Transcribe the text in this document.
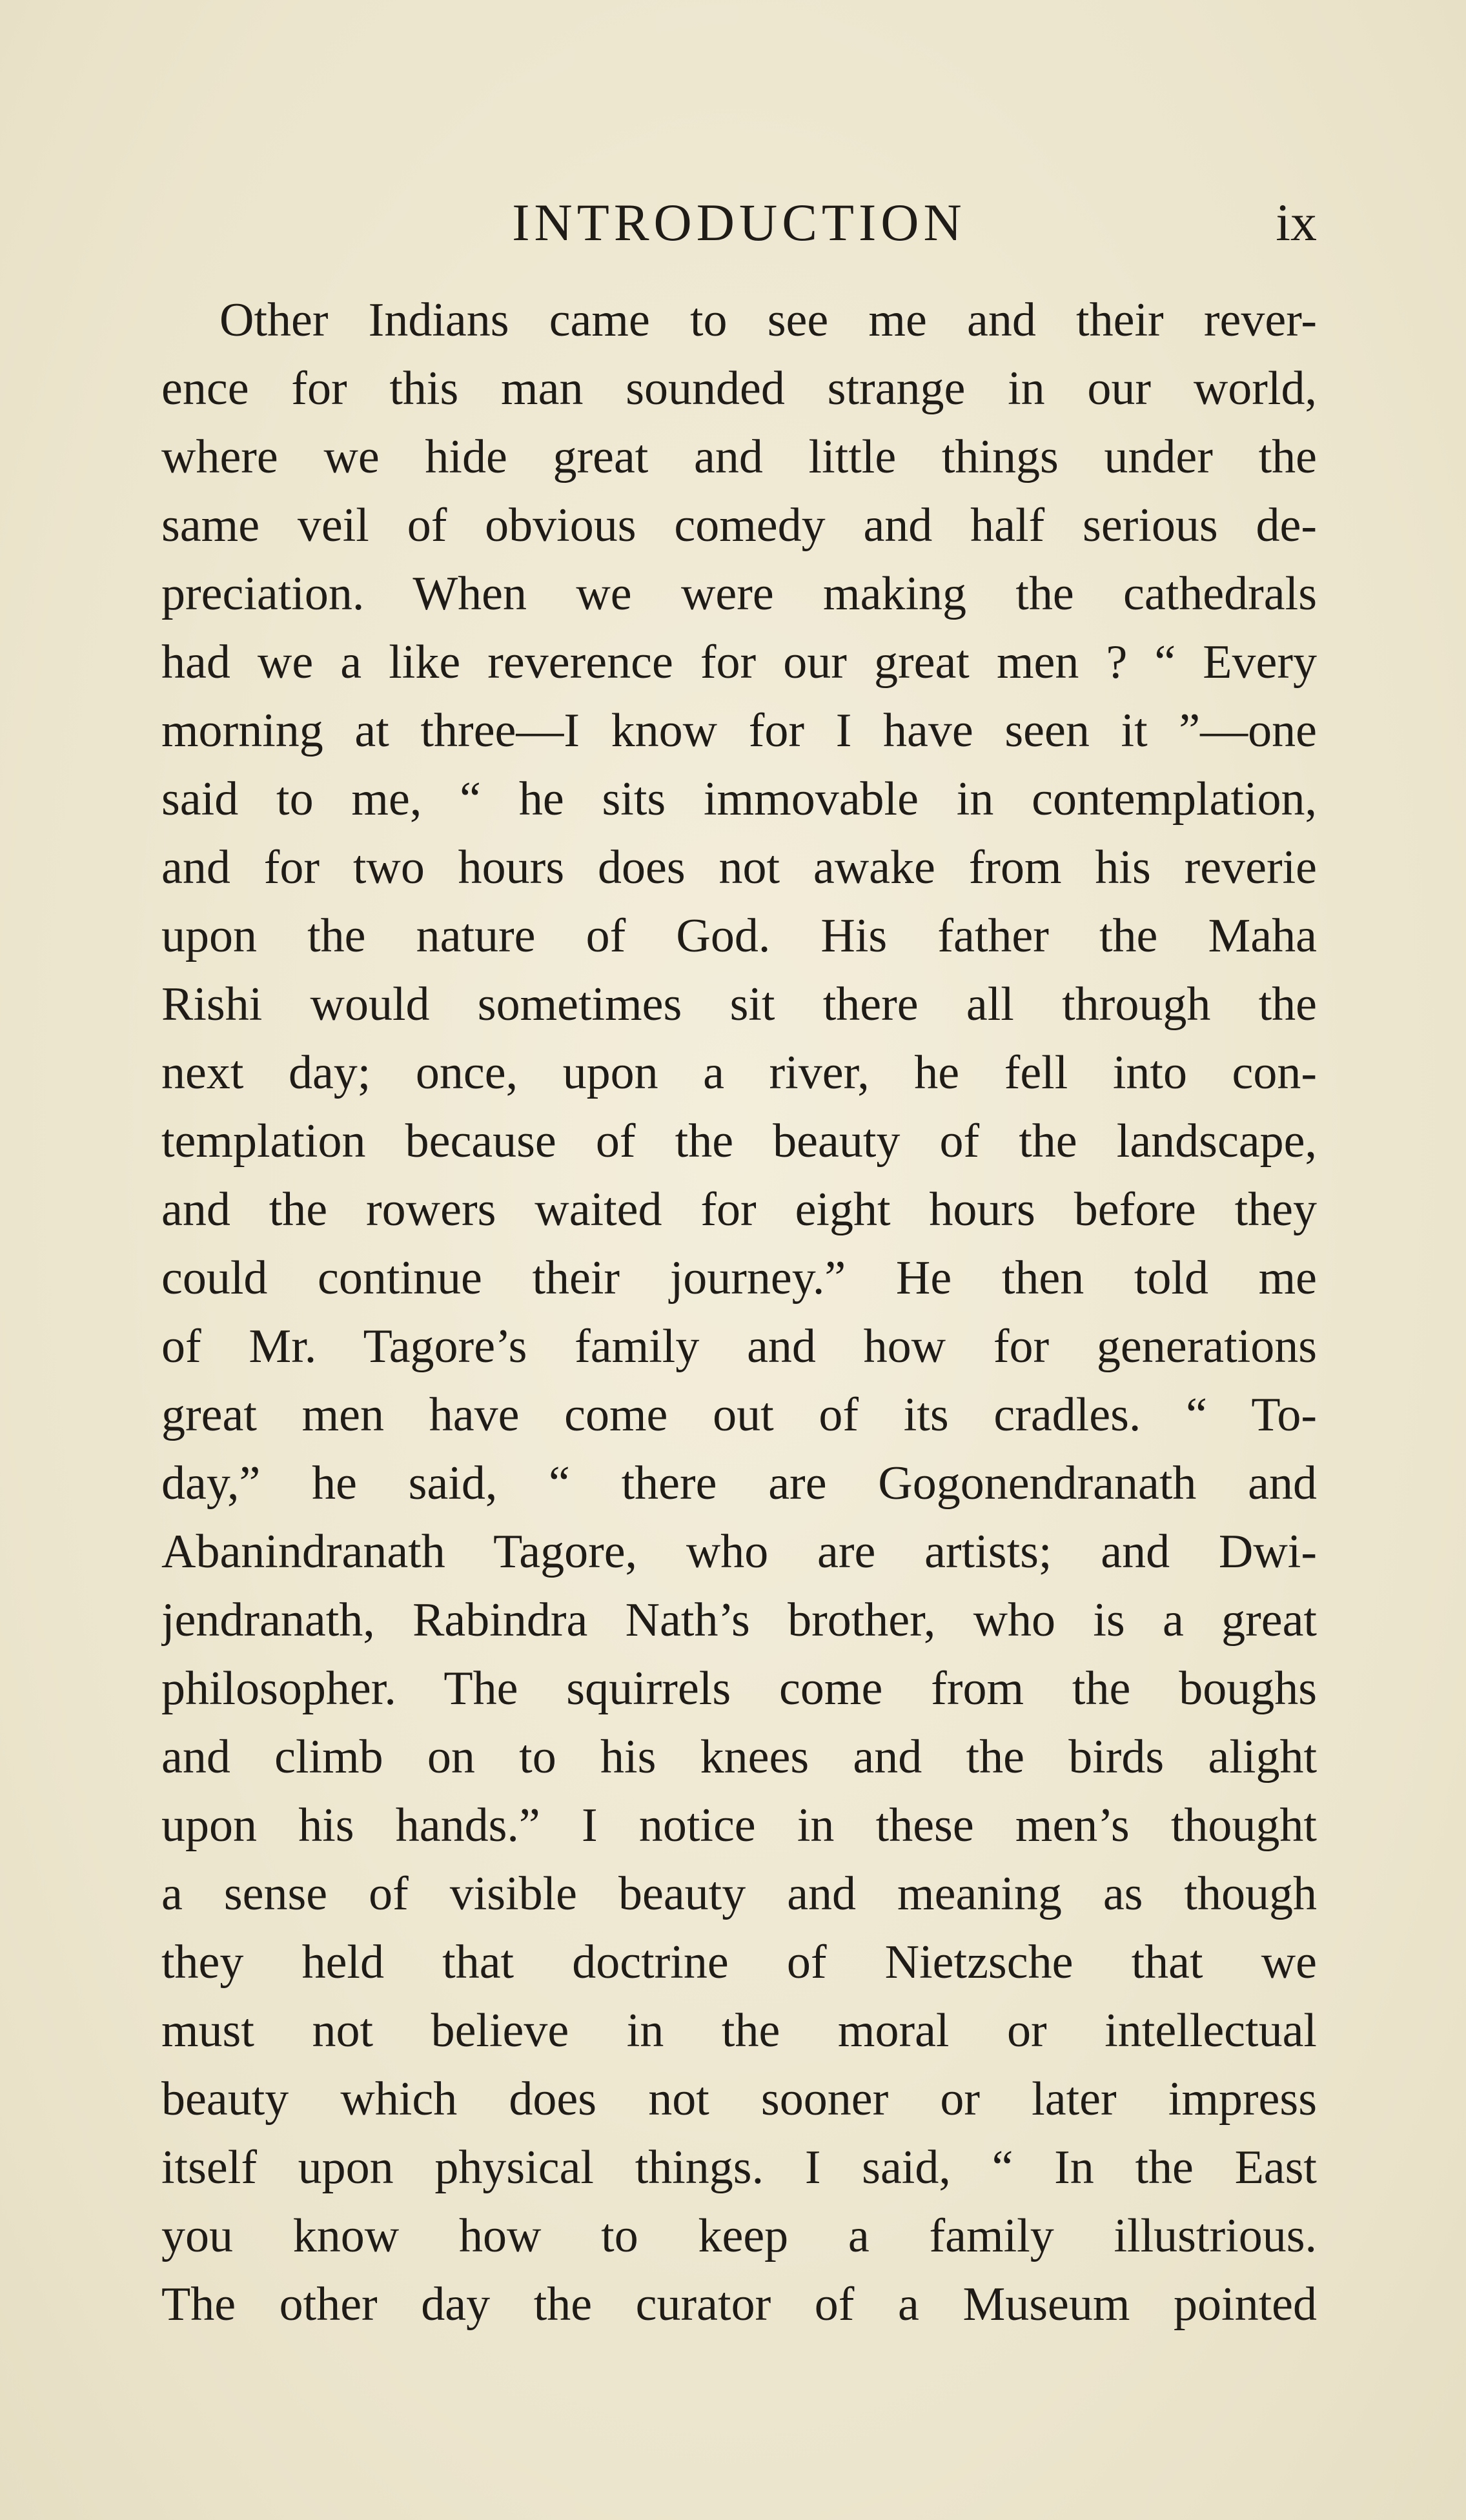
INTRODUCTION	ix
Other Indians came to see me and their rever-
ence for this man sounded strange in our world,
where we hide great and little things under the
same veil of obvious comedy and half serious de-
preciation. When we were making the cathedrals
had we a like reverence for our great men ? “ Every
morning at three—I know for I have seen it ”—one
said to me, “ he sits immovable in contemplation,
and for two hours does not awake from his reverie
upon the nature of God. His father the Maha
Rishi would sometimes sit there all through the
next day; once, upon a river, he fell into con-
templation because of the beauty of the landscape,
and the rowers waited for eight hours before they
could continue their journey.” He then told me
of Mr. Tagore’s family and how for generations
great men have come out of its cradles. “ To-
day,” he said, “ there are Gogonendranath and
Abanindranath Tagore, who are artists; and Dwi-
jendranath, Rabindra Nath’s brother, who is a great
philosopher. The squirrels come from the boughs
and climb on to his knees and the birds alight
upon his hands.” I notice in these men’s thought
a sense of visible beauty and meaning as though
they held that doctrine of Nietzsche that we
must not believe in the moral or intellectual
beauty which does not sooner or later impress
itself upon physical things. I said, “ In the East
you know how to keep a family illustrious.
The other day the curator of a Museum pointed
